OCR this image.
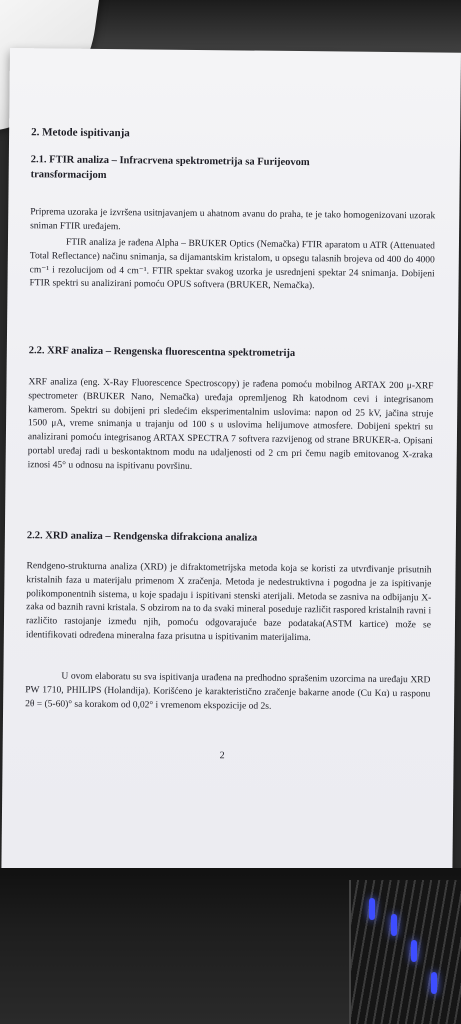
2. Metode ispitivanja
2.1. FTIR analiza – Infracrvena spektrometrija sa Furijeovom
transformacijom
Priprema uzoraka je izvršena usitnjavanjem u ahatnom avanu do praha, te je tako homogenizovani uzorak sniman FTIR uređajem.
FTIR analiza je rađena Alpha – BRUKER Optics (Nemačka) FTIR aparatom u ATR (Attenuated Total Reflectance) načinu snimanja, sa dijamantskim kristalom, u opsegu talasnih brojeva od 400 do 4000 cm⁻¹ i rezolucijom od 4 cm⁻¹. FTIR spektar svakog uzorka je usrednjeni spektar 24 snimanja. Dobijeni FTIR spektri su analizirani pomoću OPUS softvera (BRUKER, Nemačka).
2.2. XRF analiza – Rengenska fluorescentna spektrometrija
XRF analiza (eng. X-Ray Fluorescence Spectroscopy) je rađena pomoću mobilnog ARTAX 200 μ-XRF spectrometer (BRUKER Nano, Nemačka) uređaja opremljenog Rh katodnom cevi i integrisanom kamerom. Spektri su dobijeni pri sledećim eksperimentalnim uslovima: napon od 25 kV, jačina struje 1500 μA, vreme snimanja u trajanju od 100 s u uslovima helijumove atmosfere. Dobijeni spektri su analizirani pomoću integrisanog ARTAX SPECTRA 7 softvera razvijenog od strane BRUKER-a. Opisani portabl uređaj radi u beskontaktnom modu na udaljenosti od 2 cm pri čemu nagib emitovanog X-zraka iznosi 45° u odnosu na ispitivanu površinu.
2.2. XRD analiza – Rendgenska difrakciona analiza
Rendgeno-strukturna analiza (XRD) je difraktometrijska metoda koja se koristi za utvrđivanje prisutnih kristalnih faza u materijalu primenom X zračenja. Metoda je nedestruktivna i pogodna je za ispitivanje polikomponentnih sistema, u koje spadaju i ispitivani stenski aterijali. Metoda se zasniva na odbijanju X-zaka od baznih ravni kristala. S obzirom na to da svaki mineral poseduje različit raspored kristalnih ravni i različito rastojanje između njih, pomoću odgovarajuće baze podataka(ASTM kartice) može se identifikovati određena mineralna faza prisutna u ispitivanim materijalima.
U ovom elaboratu su sva ispitivanja urađena na predhodno sprašenim uzorcima na uređaju XRD PW 1710, PHILIPS (Holandija). Korišćeno je karakteristično zračenje bakarne anode (Cu Kα) u rasponu 2θ = (5-60)° sa korakom od 0,02° i vremenom ekspozicije od 2s.
2
